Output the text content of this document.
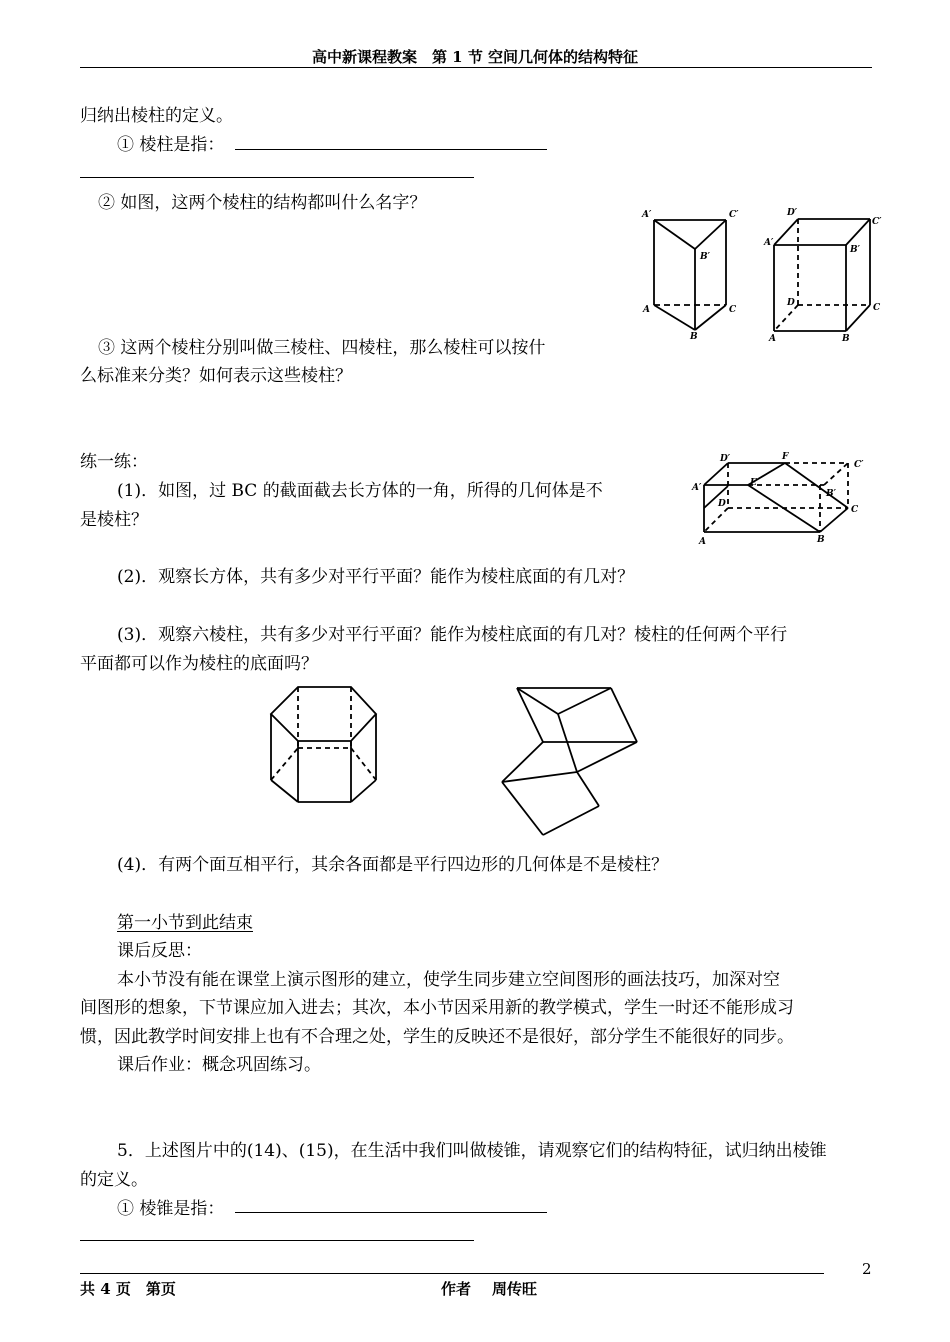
高中新课程教案　第 1 节 空间几何体的结构特征
归纳出棱柱的定义。
① 棱柱是指：
② 如图，这两个棱柱的结构都叫什么名字？
A′	C′
B′
A	C
B
D′
C′
A′
B′
D	C
A	B
③ 这两个棱柱分别叫做三棱柱、四棱柱，那么棱柱可以按什
么标准来分类？如何表示这些棱柱？
练一练：
(1)．如图，过 BC 的截面截去长方体的一角，所得的几何体是不
是棱柱？
D′	F
C′
A′	E
B′
D
C
A	B
(2)．观察长方体，共有多少对平行平面？能作为棱柱底面的有几对？
(3)．观察六棱柱，共有多少对平行平面？能作为棱柱底面的有几对？棱柱的任何两个平行
平面都可以作为棱柱的底面吗？
(4)．有两个面互相平行，其余各面都是平行四边形的几何体是不是棱柱？
第一小节到此结束
课后反思：
本小节没有能在课堂上演示图形的建立，使学生同步建立空间图形的画法技巧，加深对空
间图形的想象，下节课应加入进去；其次，本小节因采用新的教学模式，学生一时还不能形成习
惯，因此教学时间安排上也有不合理之处，学生的反映还不是很好，部分学生不能很好的同步。
课后作业：概念巩固练习。
5．上述图片中的(14)、(15)，在生活中我们叫做棱锥，请观察它们的结构特征，试归纳出棱锥
的定义。
① 棱锥是指：
2
共 4 页　第页	作者 周传旺
